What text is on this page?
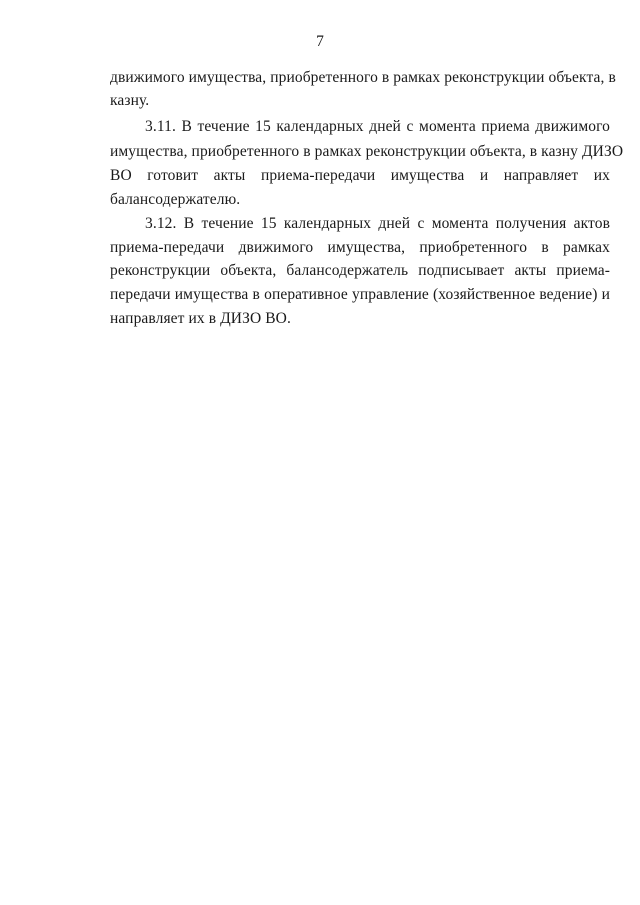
7
движимого имущества, приобретенного в рамках реконструкции объекта, в
казну.
3.11. В течение 15 календарных дней с момента приема движимого
имущества, приобретенного в рамках реконструкции объекта, в казну ДИЗО
ВО готовит акты приема-передачи имущества и направляет их
балансодержателю.
3.12. В течение 15 календарных дней с момента получения актов
приема-передачи движимого имущества, приобретенного в рамках
реконструкции объекта, балансодержатель подписывает акты приема-
передачи имущества в оперативное управление (хозяйственное ведение) и
направляет их в ДИЗО ВО.
